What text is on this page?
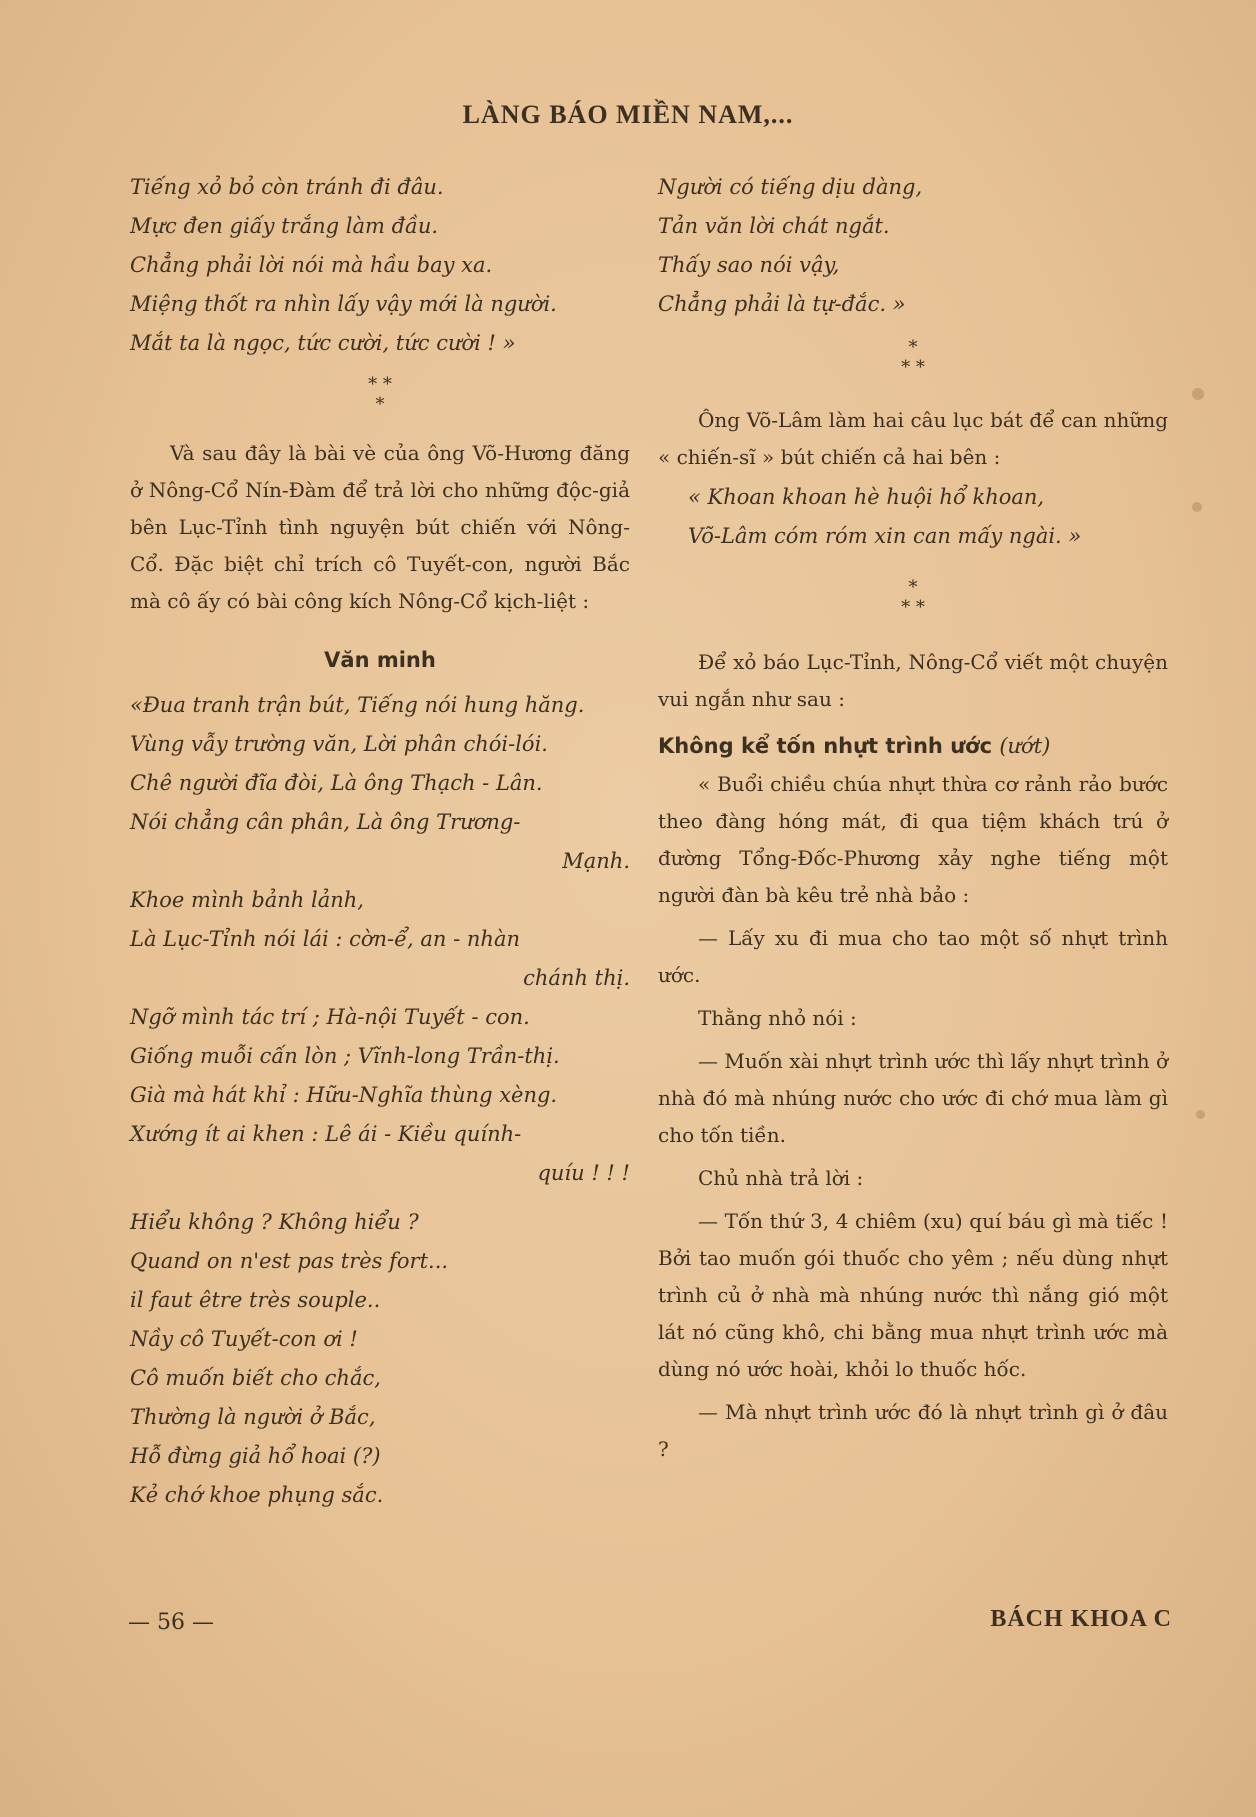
LÀNG BÁO MIỀN NAM,...
Tiếng xỏ bỏ còn tránh đi đâu.
Mực đen giấy trắng làm đầu.
Chẳng phải lời nói mà hầu bay xa.
Miệng thốt ra nhìn lấy vậy mới là người.
Mắt ta là ngọc, tức cười, tức cười ! »
* *
*

Và sau đây là bài vè của ông Võ-Hương đăng ở Nông-Cổ Nín-Đàm để trả lời cho những độc-giả bên Lục-Tỉnh tình nguyện bút chiến với Nông-Cổ. Đặc biệt chỉ trích cô Tuyết-con, người Bắc mà cô ấy có bài công kích Nông-Cổ kịch-liệt :

Văn minh
«Đua tranh trận bút, Tiếng nói hung hăng.
Vùng vẫy trường văn, Lời phân chói-lói.
Chê người đĩa đòi, Là ông Thạch - Lân.
Nói chẳng cân phân, Là ông Trương-
Mạnh.
Khoe mình bảnh lảnh,
Là Lục-Tỉnh nói lái : cờn-ể, an - nhàn
chánh thị.
Ngỡ mình tác trí ; Hà-nội Tuyết - con.
Giống muỗi cấn lòn ; Vĩnh-long Trần-thị.
Già mà hát khỉ : Hữu-Nghĩa thùng xèng.
Xướng ít ai khen : Lê ái - Kiều quính-
quíu ! ! !
Hiểu không ? Không hiểu ?
Quand on n'est pas très fort...
il faut être très souple..
Nầy cô Tuyết-con ơi !
Cô muốn biết cho chắc,
Thường là người ở Bắc,
Hỗ đừng giả hổ hoai (?)
Kẻ chớ khoe phụng sắc.
Người có tiếng dịu dàng,
Tản văn lời chát ngắt.
Thấy sao nói vậy,
Chẳng phải là tự-đắc. »
*
* *

Ông Võ-Lâm làm hai câu lục bát để can những « chiến-sĩ » bút chiến cả hai bên :

« Khoan khoan hè huội hổ khoan,
Võ-Lâm cóm róm xin can mấy ngài. »
*
* *

Để xỏ báo Lục-Tỉnh, Nông-Cổ viết một chuyện vui ngắn như sau :

Không kể tốn nhựt trình ước (ướt)

« Buổi chiều chúa nhựt thừa cơ rảnh rảo bước theo đàng hóng mát, đi qua tiệm khách trú ở đường Tổng-Đốc-Phương xảy nghe tiếng một người đàn bà kêu trẻ nhà bảo :

— Lấy xu đi mua cho tao một số nhựt trình ước.

Thằng nhỏ nói :

— Muốn xài nhựt trình ước thì lấy nhựt trình ở nhà đó mà nhúng nước cho ước đi chớ mua làm gì cho tốn tiền.

Chủ nhà trả lời :

— Tốn thứ 3, 4 chiêm (xu) quí báu gì mà tiếc ! Bởi tao muốn gói thuốc cho yêm ; nếu dùng nhựt trình củ ở nhà mà nhúng nước thì nắng gió một lát nó cũng khô, chi bằng mua nhựt trình ước mà dùng nó ước hoài, khỏi lo thuốc hốc.

— Mà nhựt trình ước đó là nhựt trình gì ở đâu ?

— 56 —	BÁCH KHOA C
